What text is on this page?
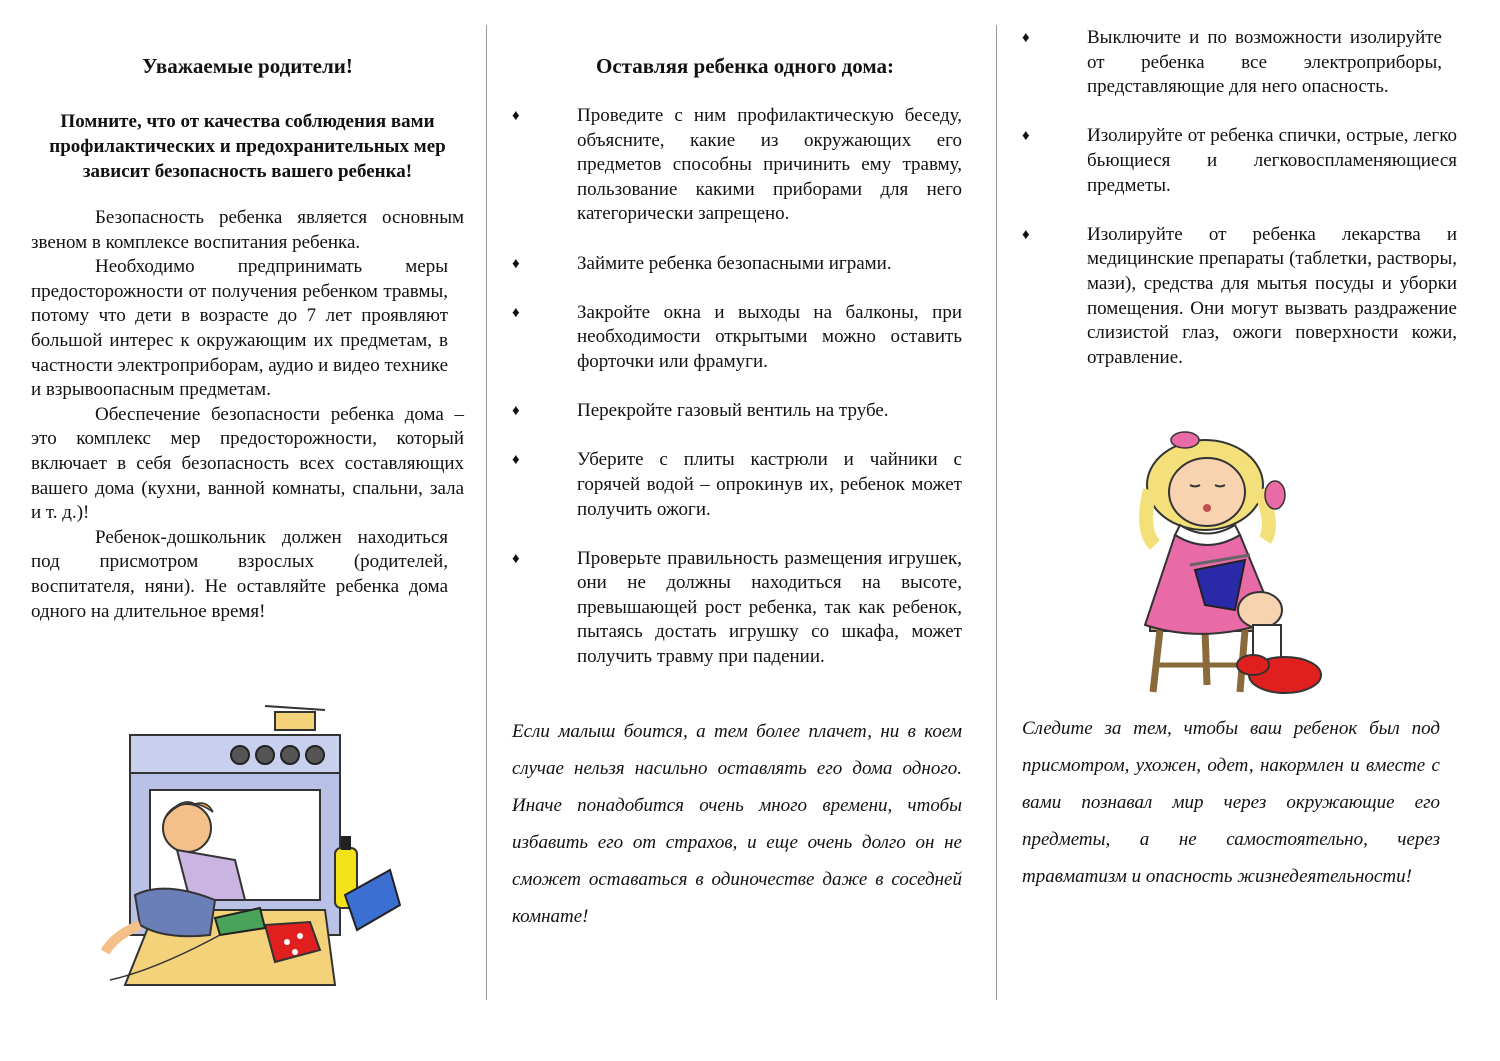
Уважаемые родители!

Помните, что от качества соблюдения вами профилактических и предохранительных мер зависит безопасность вашего ребенка!

Безопасность ребенка является основным звеном в комплексе воспитания ребенка.

Необходимо предпринимать меры предосторожности от получения ребенком травмы, потому что дети в возрасте до 7 лет проявляют большой интерес к окружающим их предметам, в частности электроприборам, аудио и видео технике и взрывоопасным предметам.

Обеспечение безопасности ребенка дома – это комплекс мер предосторожности, который включает в себя безопасность всех составляющих вашего дома (кухни, ванной комнаты, спальни, зала и т. д.)!

Ребенок-дошкольник должен находиться под присмотром взрослых (родителей, воспитателя, няни). Не оставляйте ребенка дома одного на длительное время!

Оставляя ребенка одного дома:

♦	Проведите с ним профилактическую беседу, объясните, какие из окружающих его предметов способны причинить ему травму, пользование какими приборами для него категорически запрещено.

♦	Займите ребенка безопасными играми.

♦	Закройте окна и выходы на балконы, при необходимости открытыми можно оставить форточки или фрамуги.

♦	Перекройте газовый вентиль на трубе.

♦	Уберите с плиты кастрюли и чайники с горячей водой – опрокинув их, ребенок может получить ожоги.

♦	Проверьте правильность размещения игрушек, они не должны находиться на высоте, превышающей рост ребенка, так как ребенок, пытаясь достать игрушку со шкафа, может получить травму при падении.

Если малыш боится, а тем более плачет, ни в коем случае нельзя насильно оставлять его дома одного. Иначе понадобится очень много времени, чтобы избавить его от страхов, и еще очень долго он не сможет оставаться в одиночестве даже в соседней комнате!

♦	Выключите и по возможности изолируйте от ребенка все электроприборы, представляющие для него опасность.

♦	Изолируйте от ребенка спички, острые, легко бьющиеся и легковоспламеняющиеся предметы.

♦	Изолируйте от ребенка лекарства и медицинские препараты (таблетки, растворы, мази), средства для мытья посуды и уборки помещения. Они могут вызвать раздражение слизистой глаз, ожоги поверхности кожи, отравление.

Следите за тем, чтобы ваш ребенок был под присмотром, ухожен, одет, накормлен и вместе с вами познавал мир через окружающие его предметы, а не самостоятельно, через травматизм и опасность жизнедеятельности!
